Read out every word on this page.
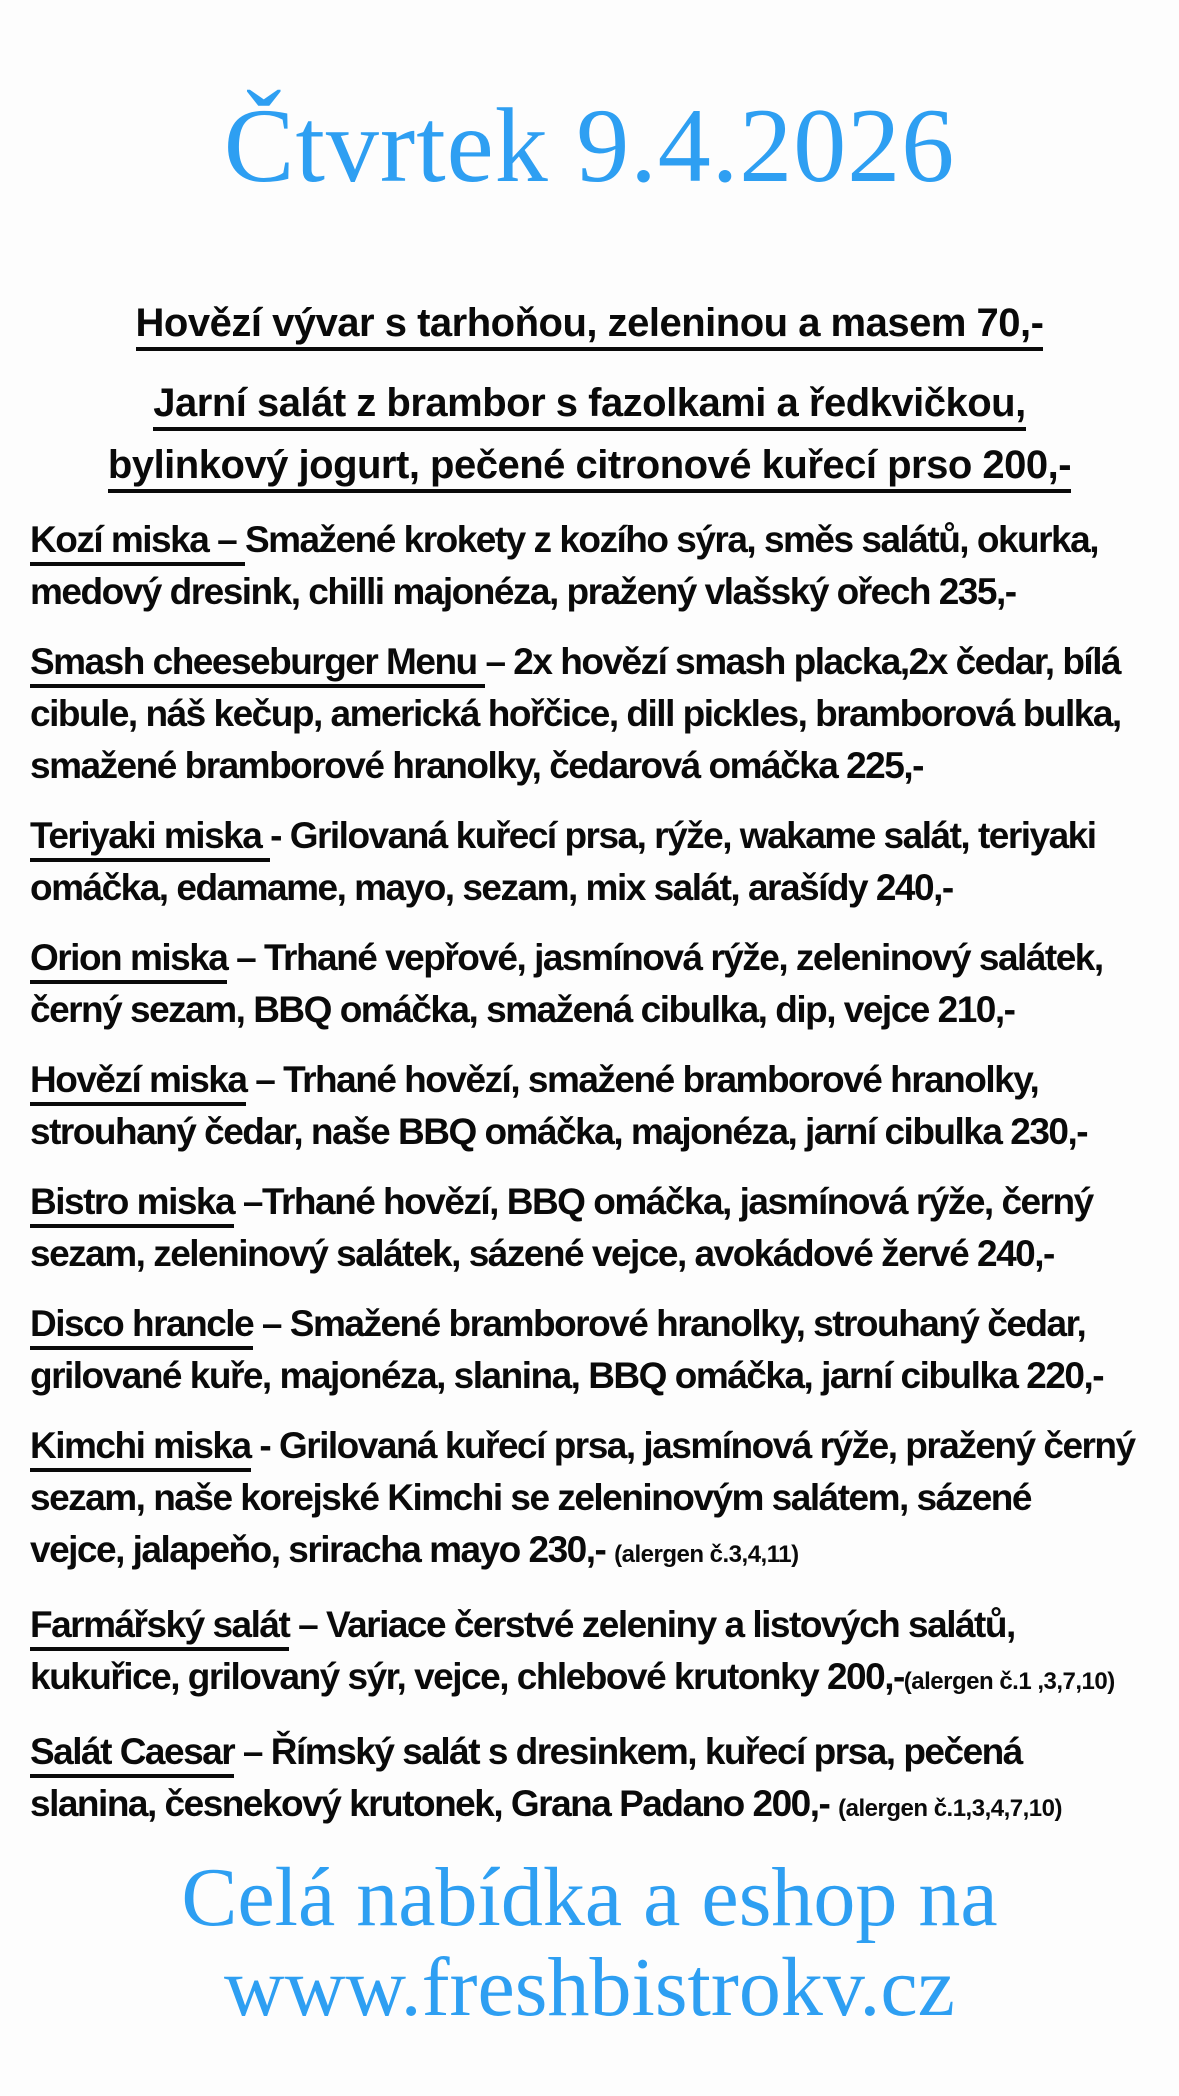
Čtvrtek 9.4.2026
Hovězí vývar s tarhoňou, zeleninou a masem 70,-
Jarní salát z brambor s fazolkami a ředkvičkou,
bylinkový jogurt, pečené citronové kuřecí prso 200,-
Kozí miska – Smažené krokety z kozího sýra, směs salátů, okurka,
medový dresink, chilli majonéza, pražený vlašský ořech 235,-
Smash cheeseburger Menu – 2x hovězí smash placka,2x čedar, bílá
cibule, náš kečup, americká hořčice, dill pickles, bramborová bulka,
smažené bramborové hranolky, čedarová omáčka 225,-
Teriyaki miska - Grilovaná kuřecí prsa, rýže, wakame salát, teriyaki
omáčka, edamame, mayo, sezam, mix salát, arašídy 240,-
Orion miska – Trhané vepřové, jasmínová rýže, zeleninový salátek,
černý sezam, BBQ omáčka, smažená cibulka, dip, vejce 210,-
Hovězí miska – Trhané hovězí, smažené bramborové hranolky,
strouhaný čedar, naše BBQ omáčka, majonéza, jarní cibulka 230,-
Bistro miska –Trhané hovězí, BBQ omáčka, jasmínová rýže, černý
sezam, zeleninový salátek, sázené vejce, avokádové žervé 240,-
Disco hrancle – Smažené bramborové hranolky, strouhaný čedar,
grilované kuře, majonéza, slanina, BBQ omáčka, jarní cibulka 220,-
Kimchi miska - Grilovaná kuřecí prsa, jasmínová rýže, pražený černý
sezam, naše korejské Kimchi se zeleninovým salátem, sázené
vejce, jalapeňo, sriracha mayo 230,- (alergen č.3,4,11)
Farmářský salát – Variace čerstvé zeleniny a listových salátů,
kukuřice, grilovaný sýr, vejce, chlebové krutonky 200,-(alergen č.1 ,3,7,10)
Salát Caesar – Římský salát s dresinkem, kuřecí prsa, pečená
slanina, česnekový krutonek, Grana Padano 200,- (alergen č.1,3,4,7,10)
Celá nabídka a eshop na
www.freshbistrokv.cz
